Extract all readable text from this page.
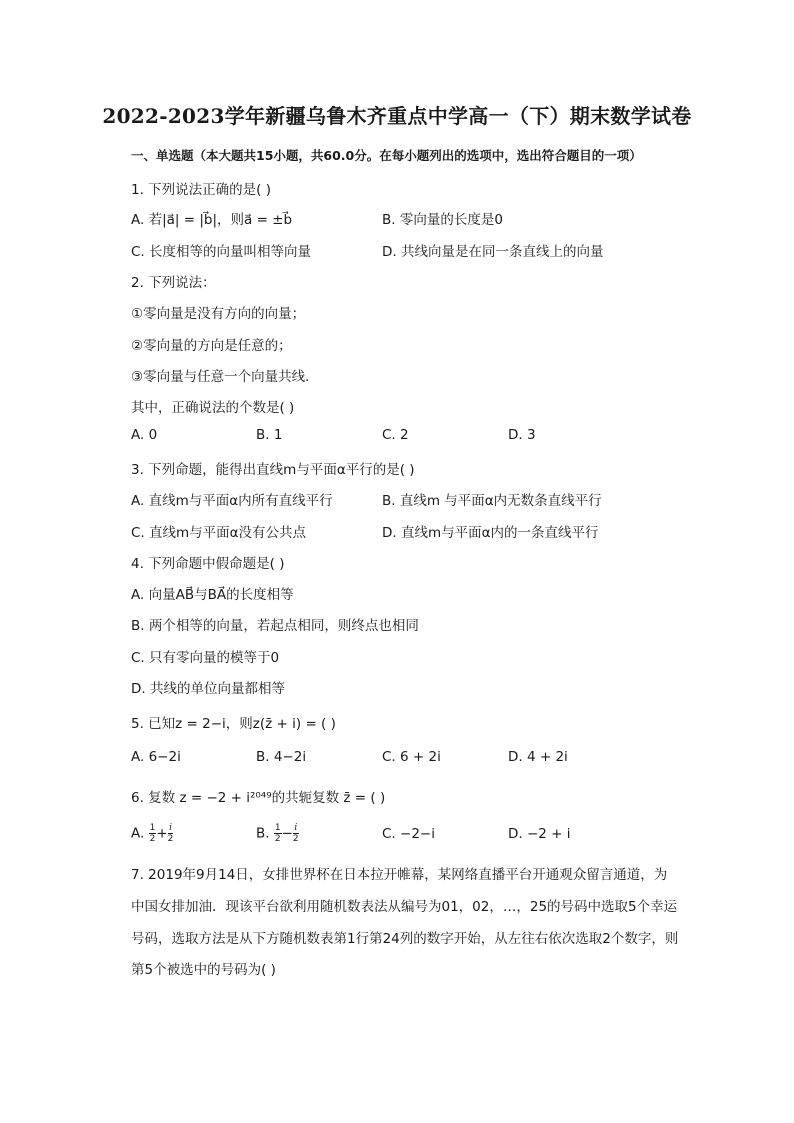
2022-2023学年新疆乌鲁木齐重点中学高一（下）期末数学试卷
一、单选题（本大题共15小题，共60.0分。在每小题列出的选项中，选出符合题目的一项）
1. 下列说法正确的是( )
A. 若|a⃗| = |b⃗|，则a⃗ = ±b⃗	B. 零向量的长度是0
C. 长度相等的向量叫相等向量	D. 共线向量是在同一条直线上的向量
2. 下列说法：
①零向量是没有方向的向量；
②零向量的方向是任意的；
③零向量与任意一个向量共线．
其中，正确说法的个数是( )
A. 0	B. 1	C. 2	D. 3
3. 下列命题，能得出直线m与平面α平行的是( )
A. 直线m与平面α内所有直线平行	B. 直线m 与平面α内无数条直线平行
C. 直线m与平面α没有公共点	D. 直线m与平面α内的一条直线平行
4. 下列命题中假命题是( )
A. 向量AB⃗与BA⃗的长度相等
B. 两个相等的向量，若起点相同，则终点也相同
C. 只有零向量的模等于0
D. 共线的单位向量都相等
5. 已知z = 2−i，则z(z̄ + i) = ( )
A. 6−2i	B. 4−2i	C. 6 + 2i	D. 4 + 2i
6. 复数 z = −2 + i²⁰⁴⁹的共轭复数 z̄ = ( )
A. $\frac{1}{2} + \frac{i}{2}$	B. $\frac{1}{2} - \frac{i}{2}$	C. −2−i	D. −2 + i
7. 2019年9月14日，女排世界杯在日本拉开帷幕，某网络直播平台开通观众留言通道，为
中国女排加油．现该平台欲利用随机数表法从编号为01，02，…，25的号码中选取5个幸运
号码，选取方法是从下方随机数表第1行第24列的数字开始，从左往右依次选取2个数字，则
第5个被选中的号码为( )
